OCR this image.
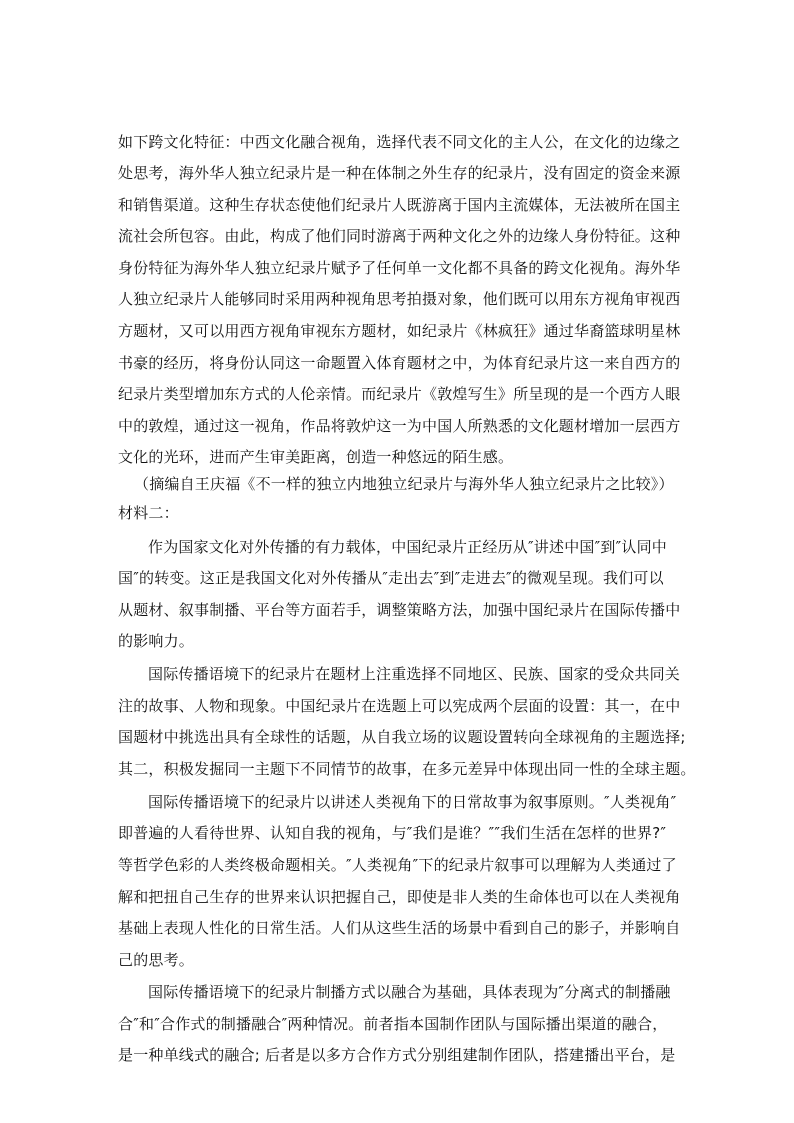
如下跨文化特征：中西文化融合视角，选择代表不同文化的主人公，在文化的边缘之
处思考，海外华人独立纪录片是一种在体制之外生存的纪录片，没有固定的资金来源
和销售渠道。这种生存状态使他们纪录片人既游离于国内主流媒体，无法被所在国主
流社会所包容。由此，构成了他们同时游离于两种文化之外的边缘人身份特征。这种
身份特征为海外华人独立纪录片赋予了任何单一文化都不具备的跨文化视角。海外华
人独立纪录片人能够同时采用两种视角思考拍摄对象，他们既可以用东方视角审视西
方题材，又可以用西方视角审视东方题材，如纪录片《林疯狂》通过华裔篮球明星林
书豪的经历，将身份认同这一命题置入体育题材之中，为体育纪录片这一来自西方的
纪录片类型增加东方式的人伦亲情。而纪录片《敦煌写生》所呈现的是一个西方人眼
中的敦煌，通过这一视角，作品将敦炉这一为中国人所熟悉的文化题材增加一层西方
文化的光环，进而产生审美距离，创造一种悠远的陌生感。
（摘编自王庆福《不一样的独立内地独立纪录片与海外华人独立纪录片之比较》）
材料二：
作为国家文化对外传播的有力载体，中国纪录片正经历从″讲述中国″到″认同中
国″的转变。这正是我国文化对外传播从″走出去″到″走进去″的微观呈现。我们可以
从题材、叙事制播、平台等方面若手，调整策略方法，加强中国纪录片在国际传播中
的影响力。
国际传播语境下的纪录片在题材上注重选择不同地区、民族、国家的受众共同关
注的故事、人物和现象。中国纪录片在选题上可以宪成两个层面的设置：其一，在中
国题材中挑选出具有全球性的话题，从自我立场的议题设置转向全球视角的主题选择;
其二，积极发掘同一主题下不同情节的故事，在多元差异中体现出同一性的全球主题。
国际传播语境下的纪录片以讲述人类视角下的日常故事为叙事原则。″人类视角″
即普遍的人看待世界、认知自我的视角，与″我们是谁？″″我们生活在怎样的世界?″
等哲学色彩的人类终极命题相关。″人类视角″下的纪录片叙事可以理解为人类通过了
解和把扭自己生存的世界来认识把握自己，即使是非人类的生命体也可以在人类视角
基础上表现人性化的日常生活。人们从这些生活的场景中看到自己的影子，并影响自
己的思考。
国际传播语境下的纪录片制播方式以融合为基础，具体表现为″分离式的制播融
合″和″合作式的制播融合″两种情况。前者指本国制作团队与国际播出渠道的融合，
是一种单线式的融合; 后者是以多方合作方式分别组建制作团队，搭建播出平台，是
